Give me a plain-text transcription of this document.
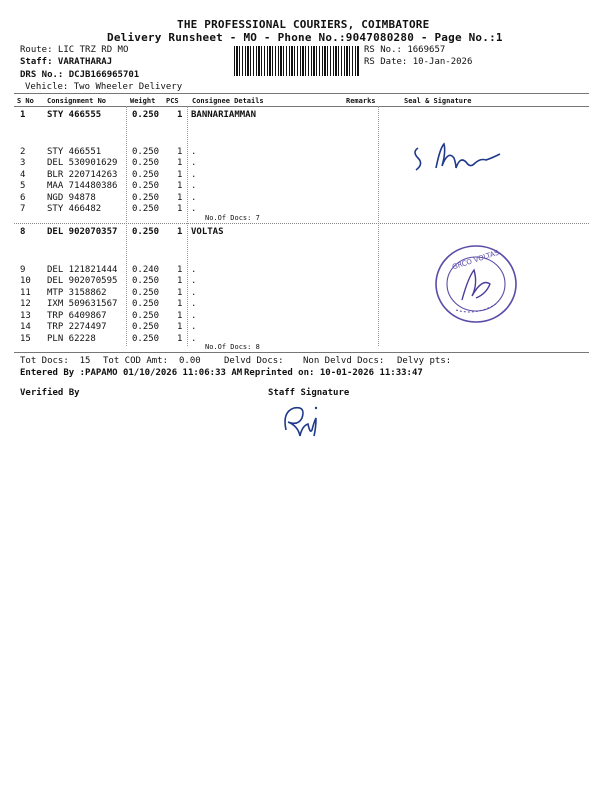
THE PROFESSIONAL COURIERS, COIMBATORE
Delivery Runsheet - MO - Phone No.:9047080280 - Page No.:1
Route: LIC TRZ RD MO
Staff: VARATHARAJ
DRS No.: DCJB166965701
Vehicle: Two Wheeler Delivery
RS No.: 1669657
RS Date: 10-Jan-2026
S No Consignment No	Weight PCS Consignee Details	Remarks	Seal & Signature
1 STY 466555	0.250 1 BANNARIAMMAN
2 STY 466551	0.250 1 .
3 DEL 530901629 0.250 1 .
4 BLR 220714263 0.250 1 .
5 MAA 714480386 0.250 1 .
6 NGD 94878	0.250 1 .
7 STY 466482	0.250 1 .
No.Of Docs: 7
8 DEL 902070357 0.250 1 VOLTAS
9 DEL 121821444 0.240 1 .
10 DEL 902070595 0.250 1 .
11 MTP 3158862	0.250 1 .
12 IXM 509631567 0.250 1 .
13 TRP 6409867	0.250 1 .
14 TRP 2274497	0.250 1 .
15 PLN 62228	0.250 1 .
No.Of Docs: 8
GRCO VOLTAS
Tot Docs:  15 Tot COD Amt: 0.00	Delvd Docs: Non Delvd Docs: Delvy pts:
Entered By :PAPAMO 01/10/2026 11:06:33 AM Reprinted on: 10-01-2026 11:33:47
Verified By	Staff Signature
